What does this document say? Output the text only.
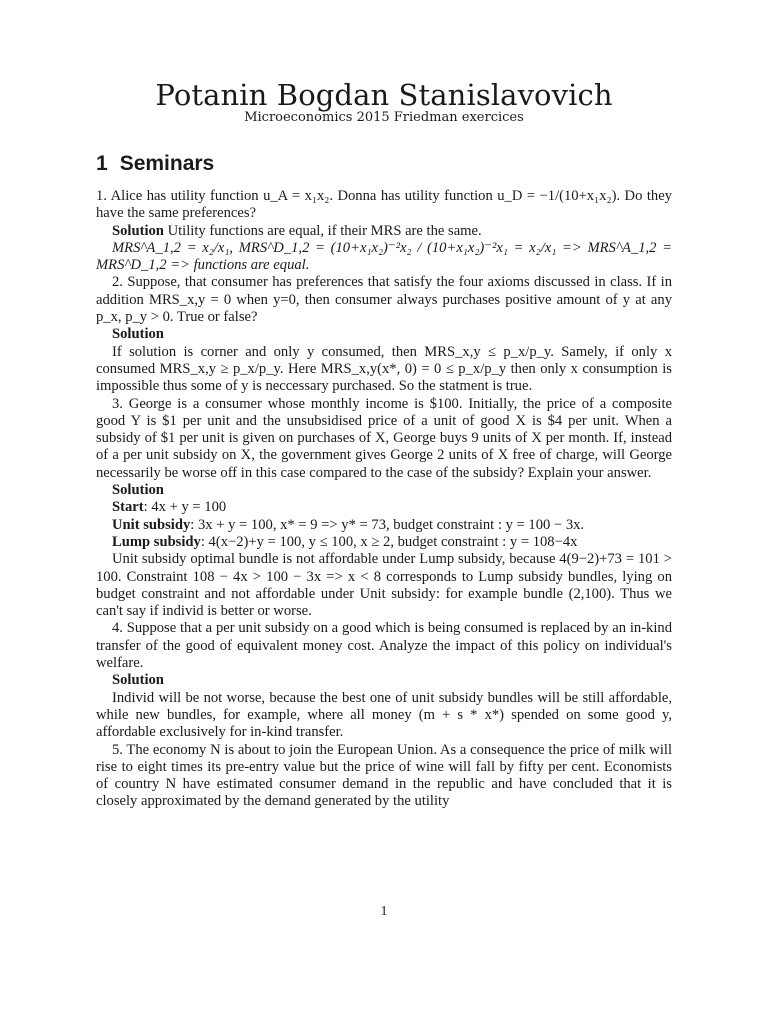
Potanin Bogdan Stanislavovich
Microeconomics 2015 Friedman exercices
1 Seminars

1. Alice has utility function u_A = x₁x₂. Donna has utility function u_D = −1/(10+x₁x₂). Do they have the same preferences?

Solution Utility functions are equal, if their MRS are the same.

MRS^A_1,2 = x₂/x₁, MRS^D_1,2 = (10+x₁x₂)⁻²x₂ / (10+x₁x₂)⁻²x₁ = x₂/x₁ => MRS^A_1,2 = MRS^D_1,2 => functions are equal.

2. Suppose, that consumer has preferences that satisfy the four axioms discussed in class. If in addition MRS_x,y = 0 when y=0, then consumer always purchases positive amount of y at any p_x, p_y > 0. True or false?

Solution

If solution is corner and only y consumed, then MRS_x,y ≤ p_x/p_y. Samely, if only x consumed MRS_x,y ≥ p_x/p_y. Here MRS_x,y(x*, 0) = 0 ≤ p_x/p_y then only x consumption is impossible thus some of y is neccessary purchased. So the statment is true.

3. George is a consumer whose monthly income is $100. Initially, the price of a composite good Y is $1 per unit and the unsubsidised price of a unit of good X is $4 per unit. When a subsidy of $1 per unit is given on purchases of X, George buys 9 units of X per month. If, instead of a per unit subsidy on X, the government gives George 2 units of X free of charge, will George necessarily be worse off in this case compared to the case of the subsidy? Explain your answer.

Solution

Start: 4x + y = 100

Unit subsidy: 3x + y = 100, x* = 9 => y* = 73, budget constraint : y = 100 − 3x.

Lump subsidy: 4(x−2)+y = 100, y ≤ 100, x ≥ 2, budget constraint : y = 108−4x

Unit subsidy optimal bundle is not affordable under Lump subsidy, because 4(9−2)+73 = 101 > 100. Constraint 108 − 4x > 100 − 3x => x < 8 corresponds to Lump subsidy bundles, lying on budget constraint and not affordable under Unit subsidy: for example bundle (2,100). Thus we can't say if individ is better or worse.

4. Suppose that a per unit subsidy on a good which is being consumed is replaced by an in-kind transfer of the good of equivalent money cost. Analyze the impact of this policy on individual's welfare.

Solution

Individ will be not worse, because the best one of unit subsidy bundles will be still affordable, while new bundles, for example, where all money (m + s * x*) spended on some good y, affordable exclusively for in-kind transfer.

5. The economy N is about to join the European Union. As a consequence the price of milk will rise to eight times its pre-entry value but the price of wine will fall by fifty per cent. Economists of country N have estimated consumer demand in the republic and have concluded that it is closely approximated by the demand generated by the utility

1
